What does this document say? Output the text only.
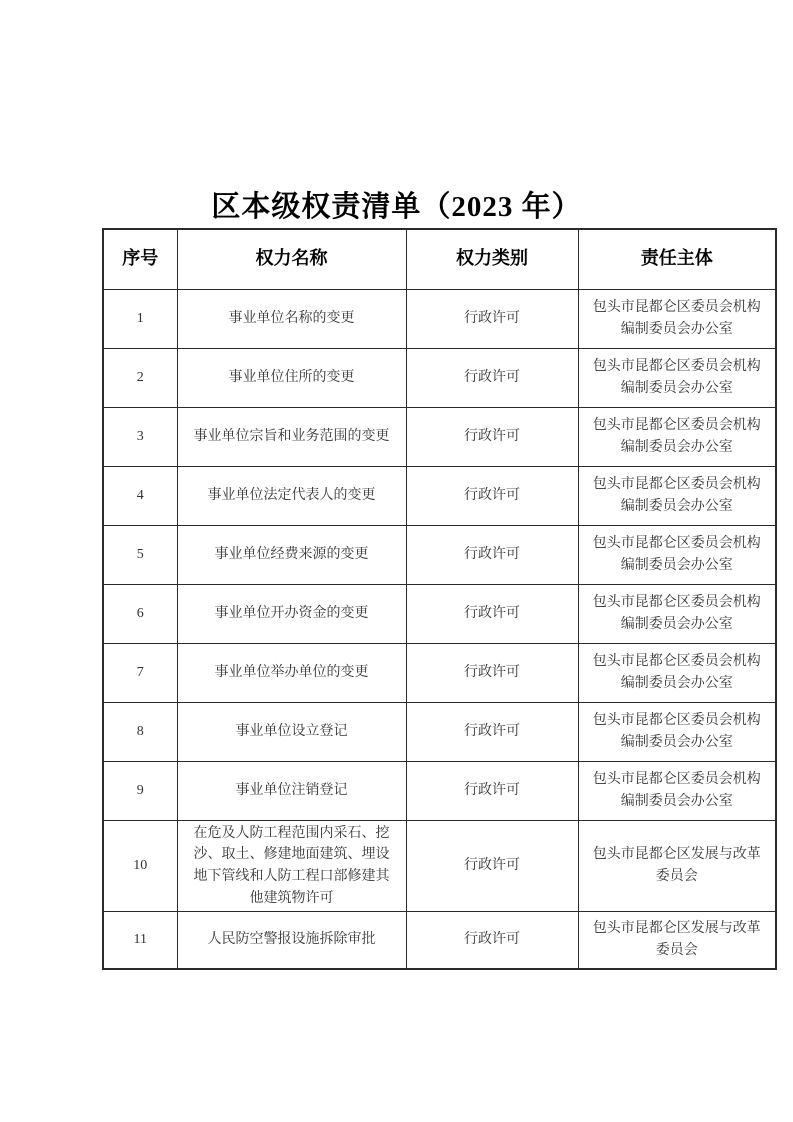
区本级权责清单（2023 年）
序号	权力名称	权力类别	责任主体
1	事业单位名称的变更	行政许可	包头市昆都仑区委员会机构编制委员会办公室
2	事业单位住所的变更	行政许可	包头市昆都仑区委员会机构编制委员会办公室
3	事业单位宗旨和业务范围的变更	行政许可	包头市昆都仑区委员会机构编制委员会办公室
4	事业单位法定代表人的变更	行政许可	包头市昆都仑区委员会机构编制委员会办公室
5	事业单位经费来源的变更	行政许可	包头市昆都仑区委员会机构编制委员会办公室
6	事业单位开办资金的变更	行政许可	包头市昆都仑区委员会机构编制委员会办公室
7	事业单位举办单位的变更	行政许可	包头市昆都仑区委员会机构编制委员会办公室
8	事业单位设立登记	行政许可	包头市昆都仑区委员会机构编制委员会办公室
9	事业单位注销登记	行政许可	包头市昆都仑区委员会机构编制委员会办公室
10	在危及人防工程范围内采石、挖沙、取土、修建地面建筑、埋设地下管线和人防工程口部修建其他建筑物许可	行政许可	包头市昆都仑区发展与改革委员会
11	人民防空警报设施拆除审批	行政许可	包头市昆都仑区发展与改革委员会
